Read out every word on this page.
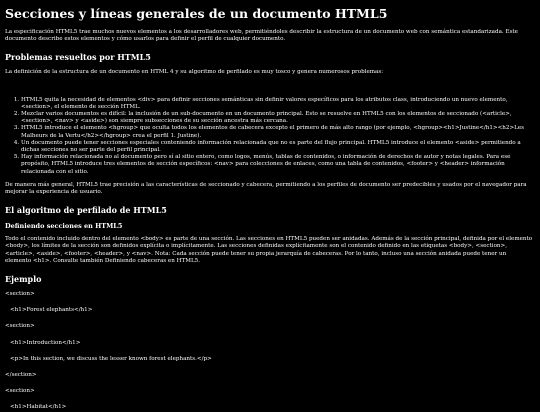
Secciones y líneas generales de un documento HTML5

La especificación HTML5 trae muchos nuevos elementos a los desarrolladores web, permitiéndoles describir la estructura de un documento web con semántica estandarizada. Este documento describe estos elementos y cómo usarlos para definir el perfil de cualquier documento.

Problemas resueltos por HTML5

La definición de la estructura de un documento en HTML 4 y su algoritmo de perfilado es muy tosco y genera numerosos problemas:

1. HTML5 quita la necesidad de elementos <div> para definir secciones semánticas sin definir valores específicos para los atributos class, introduciendo un nuevo elemento, <section>, el elemento de sección HTML.
2. Mezclar varios documentos es difícil: la inclusión de un sub-documento en un documento principal. Esto se resuelve en HTML5 con los elementos de seccionado (<article>, <section>, <nav> y <aside>) son siempre subsecciones de su sección ancestra más cercana.
3. HTML5 introduce el elemento <hgroup> que oculta todos los elementos de cabecera excepto el primero de más alto rango (por ejemplo, <hgroup><h1>Justine</h1><h2>Les Malheurs de la Vertu</h2></hgroup> crea el perfil 1. Justine).
4. Un documento puede tener secciones especiales conteniendo información relacionada que no es parte del flujo principal. HTML5 introduce el elemento <aside> permitiendo a dichas secciones no ser parte del perfil principal.
5. Hay información relacionada no al documento pero sí al sitio entero, como logos, menús, tablas de contenidos, o información de derechos de autor y notas legales. Para ese propósito, HTML5 introduce tres elementos de sección específicos: <nav> para colecciones de enlaces, como una tabla de contenidos, <footer> y <header> información relacionada con el sitio.

De manera más general, HTML5 trae precisión a las características de seccionado y cabecera, permitiendo a los perfiles de documento ser predecibles y usados por el navegador para mejorar la experiencia de usuario.

El algoritmo de perfilado de HTML5
Definiendo secciones en HTML5

Todo el contenido incluido dentro del elemento <body> es parte de una sección. Las secciones en HTML5 pueden ser anidadas. Además de la sección principal, definida por el elemento <body>, los límites de la sección son definidos explícita o implícitamente. Las secciones definidas explícitamente son el contenido definido en las etiquetas <body>, <section>, <article>, <aside>, <footer>, <header>, y <nav>. Nota: Cada sección puede tener su propia jerarquía de cabeceras. Por lo tanto, incluso una sección anidada puede tener un elemento <h1>. Consulte también Definiendo cabeceras en HTML5.

Ejemplo

<section>

<h1>Forest elephants</h1>

<section>

<h1>Introduction</h1>

<p>In this section, we discuss the lesser known forest elephants.</p>

</section>

<section>

<h1>Habitat</h1>
